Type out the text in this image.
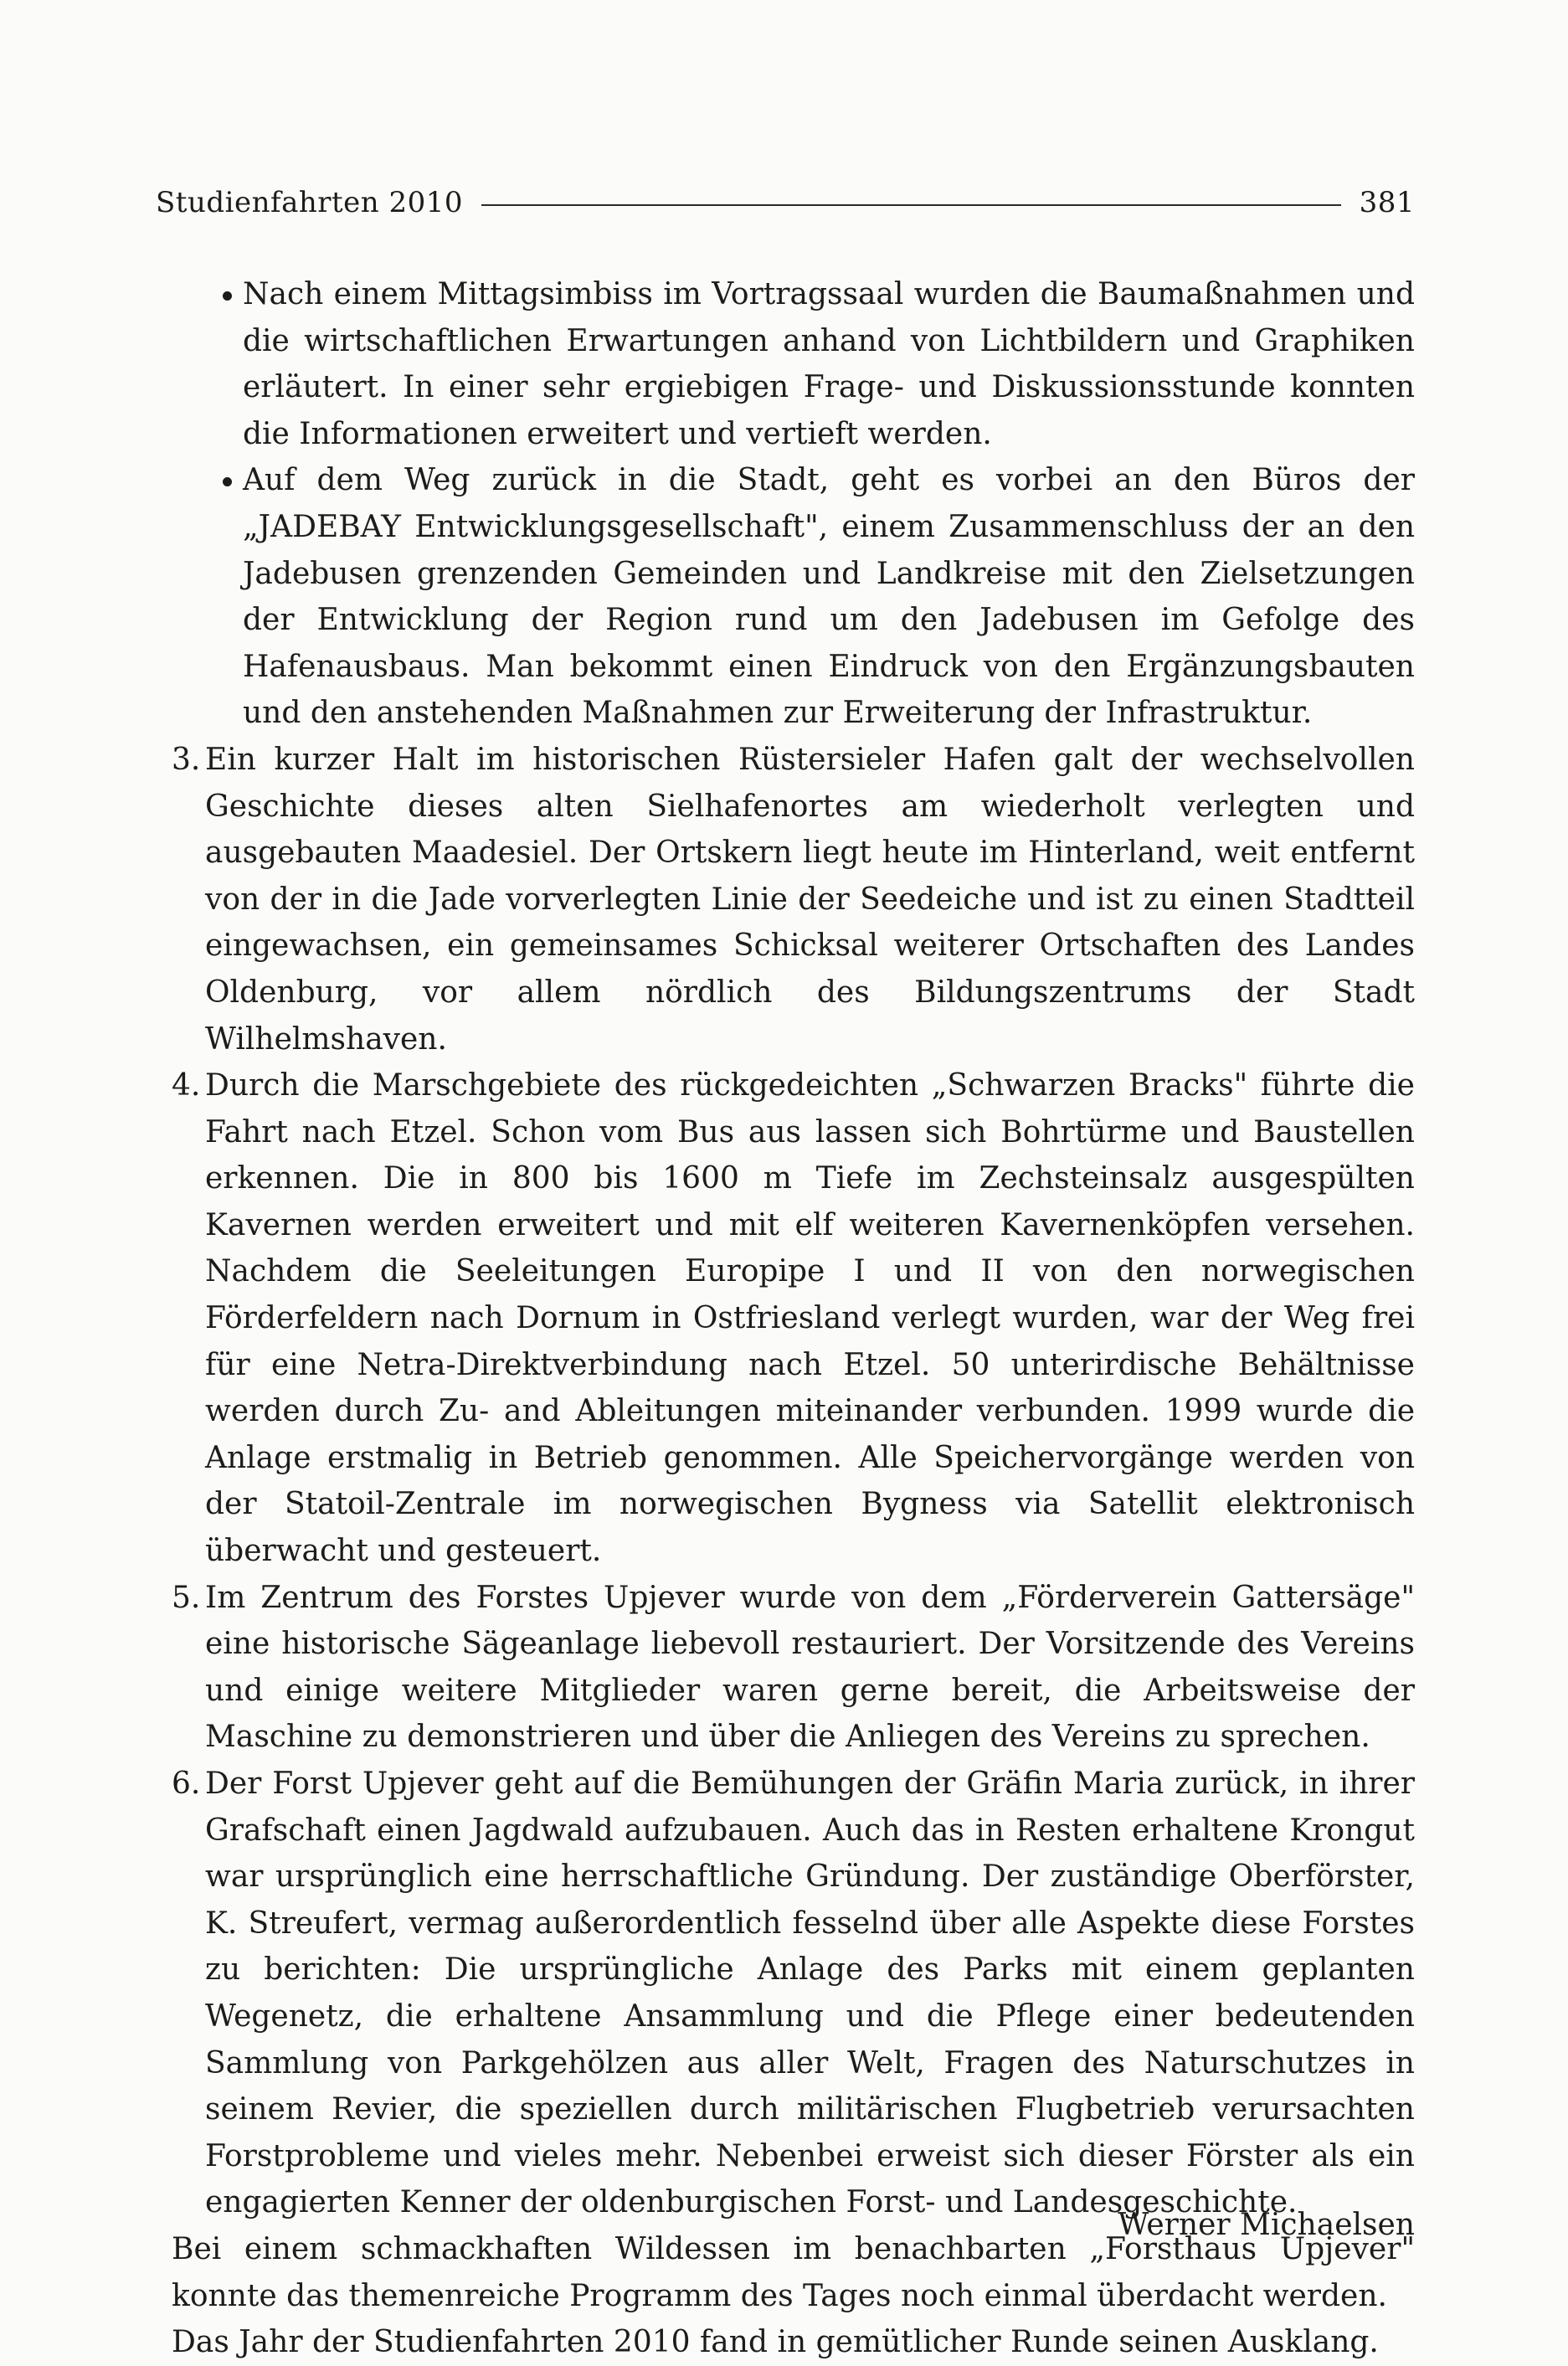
Studienfahrten 2010	381
Nach einem Mittagsimbiss im Vortragssaal wurden die Baumaßnahmen und die wirtschaftlichen Erwartungen anhand von Lichtbildern und Graphiken erläutert. In einer sehr ergiebigen Frage- und Diskussionsstunde konnten die Informationen erweitert und vertieft werden.
Auf dem Weg zurück in die Stadt, geht es vorbei an den Büros der „JADEBAY Entwicklungsgesellschaft", einem Zusammenschluss der an den Jadebusen grenzenden Gemeinden und Landkreise mit den Zielsetzungen der Entwicklung der Region rund um den Jadebusen im Gefolge des Hafenausbaus. Man bekommt einen Eindruck von den Ergänzungsbauten und den anstehenden Maßnahmen zur Erweiterung der Infrastruktur.
3. Ein kurzer Halt im historischen Rüstersieler Hafen galt der wechselvollen Geschichte dieses alten Sielhafenortes am wiederholt verlegten und ausgebauten Maadesiel. Der Ortskern liegt heute im Hinterland, weit entfernt von der in die Jade vorverlegten Linie der Seedeiche und ist zu einen Stadtteil eingewachsen, ein gemeinsames Schicksal weiterer Ortschaften des Landes Oldenburg, vor allem nördlich des Bildungszentrums der Stadt Wilhelmshaven.
4. Durch die Marschgebiete des rückgedeichten „Schwarzen Bracks" führte die Fahrt nach Etzel. Schon vom Bus aus lassen sich Bohrtürme und Baustellen erkennen. Die in 800 bis 1600 m Tiefe im Zechsteinsalz ausgespülten Kavernen werden erweitert und mit elf weiteren Kavernenköpfen versehen. Nachdem die Seeleitungen Europipe I und II von den norwegischen Förderfeldern nach Dornum in Ostfriesland verlegt wurden, war der Weg frei für eine Netra-Direktverbindung nach Etzel. 50 unterirdische Behältnisse werden durch Zu- and Ableitungen miteinander verbunden. 1999 wurde die Anlage erstmalig in Betrieb genommen. Alle Speichervorgänge werden von der Statoil-Zentrale im norwegischen Bygness via Satellit elektronisch überwacht und gesteuert.
5. Im Zentrum des Forstes Upjever wurde von dem „Förderverein Gattersäge" eine historische Sägeanlage liebevoll restauriert. Der Vorsitzende des Vereins und einige weitere Mitglieder waren gerne bereit, die Arbeitsweise der Maschine zu demonstrieren und über die Anliegen des Vereins zu sprechen.
6. Der Forst Upjever geht auf die Bemühungen der Gräfin Maria zurück, in ihrer Grafschaft einen Jagdwald aufzubauen. Auch das in Resten erhaltene Krongut war ursprünglich eine herrschaftliche Gründung. Der zuständige Oberförster, K. Streufert, vermag außerordentlich fesselnd über alle Aspekte diese Forstes zu berichten: Die ursprüngliche Anlage des Parks mit einem geplanten Wegenetz, die erhaltene Ansammlung und die Pflege einer bedeutenden Sammlung von Parkgehölzen aus aller Welt, Fragen des Naturschutzes in seinem Revier, die speziellen durch militärischen Flugbetrieb verursachten Forstprobleme und vieles mehr. Nebenbei erweist sich dieser Förster als ein engagierten Kenner der oldenburgischen Forst- und Landesgeschichte.
Bei einem schmackhaften Wildessen im benachbarten „Forsthaus Upjever" konnte das themenreiche Programm des Tages noch einmal überdacht werden.
Das Jahr der Studienfahrten 2010 fand in gemütlicher Runde seinen Ausklang.
Werner Michaelsen
